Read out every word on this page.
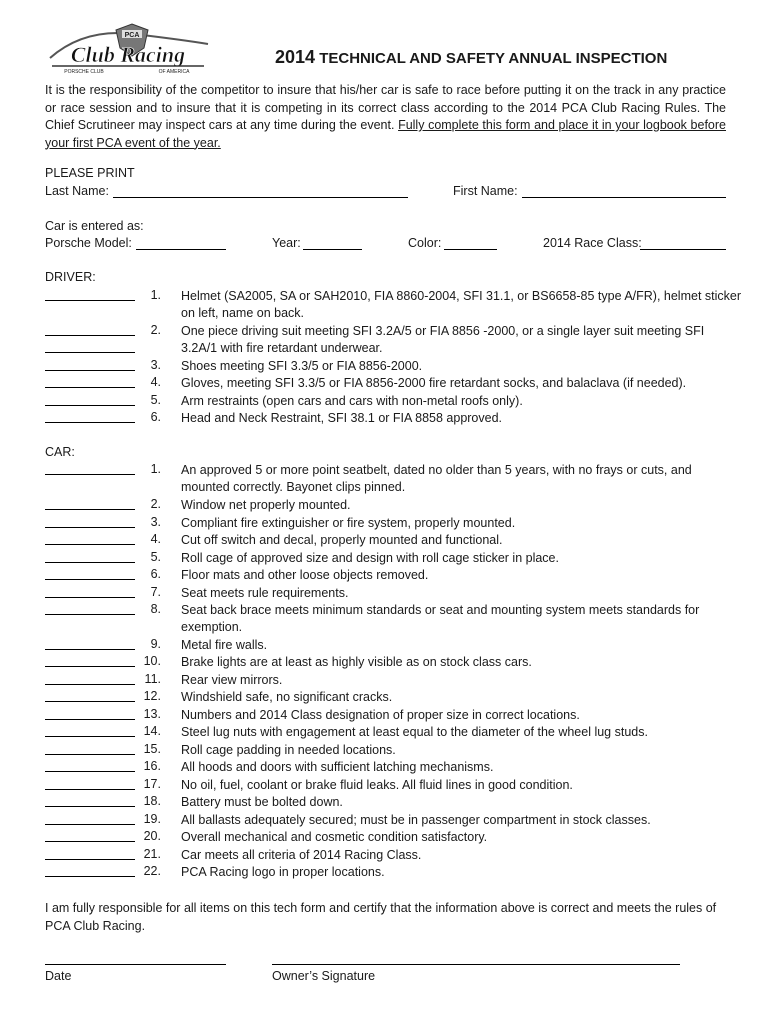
PCA
Club Racing
PORSCHE CLUB	OF AMERICA
2014 TECHNICAL AND SAFETY ANNUAL INSPECTION
It is the responsibility of the competitor to insure that his/her car is safe to race before putting it on the track in any practice or race session and to insure that it is competing in its correct class according to the 2014 PCA Club Racing Rules. The Chief Scrutineer may inspect cars at any time during the event. Fully complete this form and place it in your logbook before your first PCA event of the year.
PLEASE PRINT
Last Name:	First Name:
Car is entered as:
Porsche Model:	Year:	Color:	2014 Race Class:
DRIVER:
1. Helmet (SA2005, SA or SAH2010, FIA 8860-2004, SFI 31.1, or BS6658-85 type A/FR), helmet sticker on left, name on back.
2. One piece driving suit meeting SFI 3.2A/5 or FIA 8856 -2000, or a single layer suit meeting SFI 3.2A/1 with fire retardant underwear.
3. Shoes meeting SFI 3.3/5 or FIA 8856-2000.
4. Gloves, meeting SFI 3.3/5 or FIA 8856-2000 fire retardant socks, and balaclava (if needed).
5. Arm restraints (open cars and cars with non-metal roofs only).
6. Head and Neck Restraint, SFI 38.1 or FIA 8858 approved.
CAR:
1. An approved 5 or more point seatbelt, dated no older than 5 years, with no frays or cuts, and mounted correctly. Bayonet clips pinned.
2. Window net properly mounted.
3. Compliant fire extinguisher or fire system, properly mounted.
4. Cut off switch and decal, properly mounted and functional.
5. Roll cage of approved size and design with roll cage sticker in place.
6. Floor mats and other loose objects removed.
7. Seat meets rule requirements.
8. Seat back brace meets minimum standards or seat and mounting system meets standards for exemption.
9. Metal fire walls.
10. Brake lights are at least as highly visible as on stock class cars.
11. Rear view mirrors.
12. Windshield safe, no significant cracks.
13. Numbers and 2014 Class designation of proper size in correct locations.
14. Steel lug nuts with engagement at least equal to the diameter of the wheel lug studs.
15. Roll cage padding in needed locations.
16. All hoods and doors with sufficient latching mechanisms.
17. No oil, fuel, coolant or brake fluid leaks. All fluid lines in good condition.
18. Battery must be bolted down.
19. All ballasts adequately secured; must be in passenger compartment in stock classes.
20. Overall mechanical and cosmetic condition satisfactory.
21. Car meets all criteria of 2014 Racing Class.
22. PCA Racing logo in proper locations.
I am fully responsible for all items on this tech form and certify that the information above is correct and meets the rules of PCA Club Racing.
Date	Owner’s Signature
